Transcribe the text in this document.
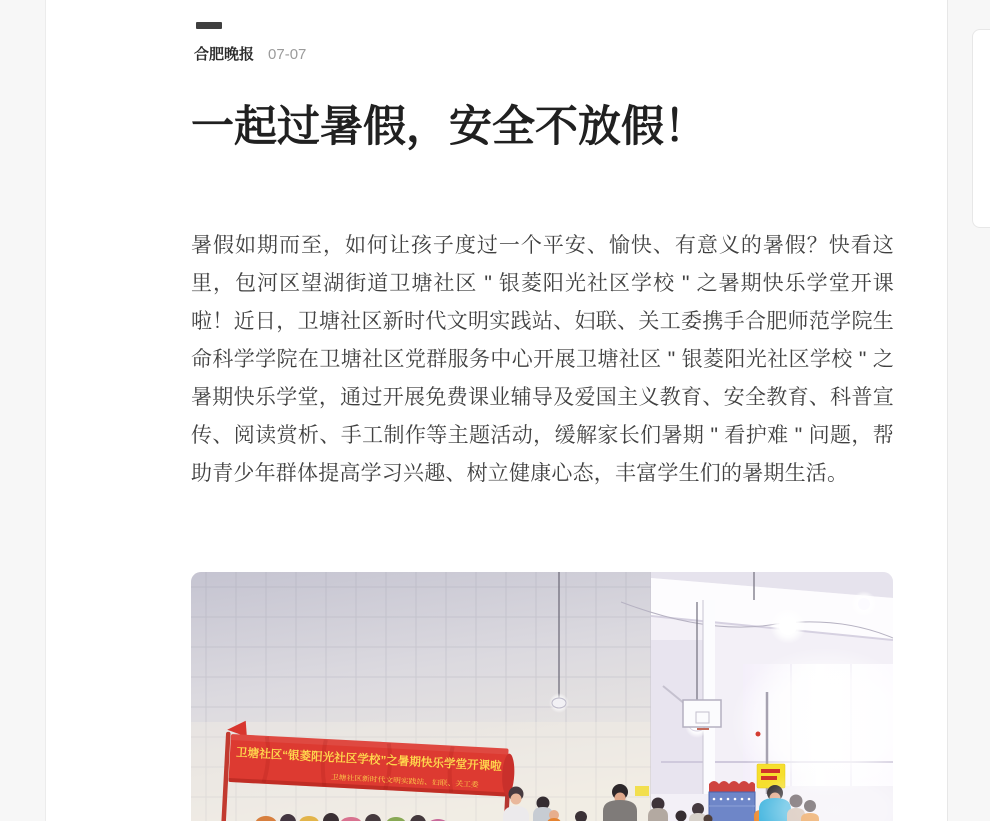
合肥晚报 07-07
一起过暑假，安全不放假！

暑假如期而至，如何让孩子度过一个平安、愉快、有意义的暑假？快看这里，包河区望湖街道卫塘社区 " 银菱阳光社区学校 " 之暑期快乐学堂开课啦！近日，卫塘社区新时代文明实践站、妇联、关工委携手合肥师范学院生命科学学院在卫塘社区党群服务中心开展卫塘社区 " 银菱阳光社区学校 " 之暑期快乐学堂，通过开展免费课业辅导及爱国主义教育、安全教育、科普宣传、阅读赏析、手工制作等主题活动，缓解家长们暑期 " 看护难 " 问题，帮助青少年群体提高学习兴趣、树立健康心态，丰富学生们的暑期生活。

卫塘社区“银菱阳光社区学校”之暑期快乐学堂开课啦
卫塘社区新时代文明实践站、妇联、关工委
